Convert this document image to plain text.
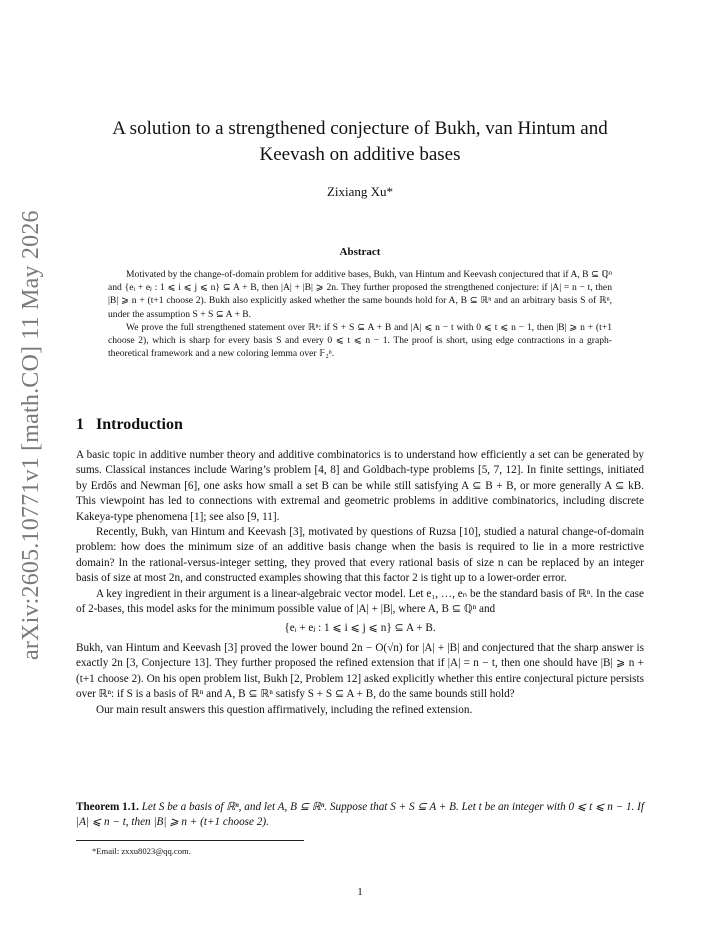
arXiv:2605.10771v1 [math.CO] 11 May 2026
A solution to a strengthened conjecture of Bukh, van Hintum and
Keevash on additive bases
Zixiang Xu*
Abstract

Motivated by the change-of-domain problem for additive bases, Bukh, van Hintum and Keevash conjectured that if A, B ⊆ ℚⁿ and {eᵢ + eⱼ : 1 ⩽ i ⩽ j ⩽ n} ⊆ A + B, then |A| + |B| ⩾ 2n. They further proposed the strengthened conjecture: if |A| = n − t, then |B| ⩾ n + (t+1 choose 2). Bukh also explicitly asked whether the same bounds hold for A, B ⊆ ℝⁿ and an arbitrary basis S of ℝⁿ, under the assumption S + S ⊆ A + B.

We prove the full strengthened statement over ℝⁿ: if S + S ⊆ A + B and |A| ⩽ n − t with 0 ⩽ t ⩽ n − 1, then |B| ⩾ n + (t+1 choose 2), which is sharp for every basis S and every 0 ⩽ t ⩽ n − 1. The proof is short, using edge contractions in a graph-theoretical framework and a new coloring lemma over 𝔽₂ⁿ.

1 Introduction

A basic topic in additive number theory and additive combinatorics is to understand how efficiently a set can be generated by sums. Classical instances include Waring’s problem [4, 8] and Goldbach-type problems [5, 7, 12]. In finite settings, initiated by Erdős and Newman [6], one asks how small a set B can be while still satisfying A ⊆ B + B, or more generally A ⊆ kB. This viewpoint has led to connections with extremal and geometric problems in additive combinatorics, including discrete Kakeya-type phenomena [1]; see also [9, 11].

Recently, Bukh, van Hintum and Keevash [3], motivated by questions of Ruzsa [10], studied a natural change-of-domain problem: how does the minimum size of an additive basis change when the basis is required to lie in a more restrictive domain? In the rational-versus-integer setting, they proved that every rational basis of size n can be replaced by an integer basis of size at most 2n, and constructed examples showing that this factor 2 is tight up to a lower-order error.

A key ingredient in their argument is a linear-algebraic vector model. Let e₁, …, eₙ be the standard basis of ℝⁿ. In the case of 2-bases, this model asks for the minimum possible value of |A| + |B|, where A, B ⊆ ℚⁿ and

{eᵢ + eⱼ : 1 ⩽ i ⩽ j ⩽ n} ⊆ A + B.

Bukh, van Hintum and Keevash [3] proved the lower bound 2n − O(√n) for |A| + |B| and conjectured that the sharp answer is exactly 2n [3, Conjecture 13]. They further proposed the refined extension that if |A| = n − t, then one should have |B| ⩾ n + (t+1 choose 2). On his open problem list, Bukh [2, Problem 12] asked explicitly whether this entire conjectural picture persists over ℝⁿ: if S is a basis of ℝⁿ and A, B ⊆ ℝⁿ satisfy S + S ⊆ A + B, do the same bounds still hold?

Our main result answers this question affirmatively, including the refined extension.

Theorem 1.1. Let S be a basis of ℝⁿ, and let A, B ⊆ ℝⁿ. Suppose that S + S ⊆ A + B. Let t be an integer with 0 ⩽ t ⩽ n − 1. If |A| ⩽ n − t, then |B| ⩾ n + (t+1 choose 2).
*Email: zxxu8023@qq.com.
1
